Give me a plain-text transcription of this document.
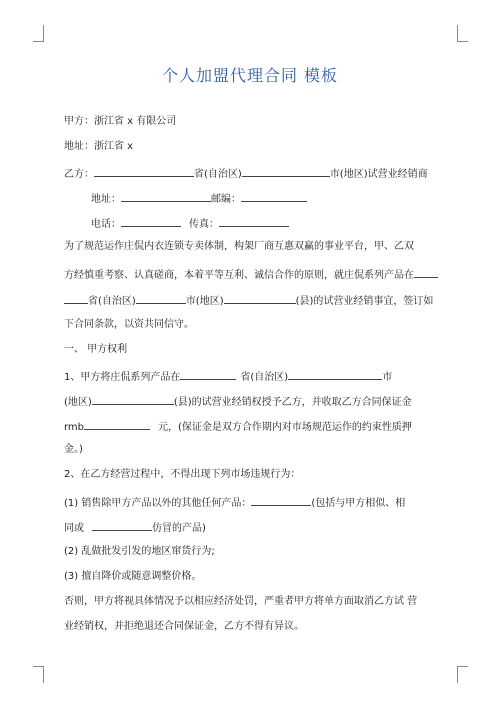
个人加盟代理合同 模板
甲方：浙江省 x 有限公司
地址：浙江省 x
乙方：	省(自治区)	市(地区)试营业经销商
地址：	邮编：
电话：	传真：
为了规范运作庄侃内衣连锁专卖体制，构架厂商互惠双赢的事业平台，甲、乙双
方经慎重考察、认真磋商，本着平等互利、诚信合作的原则，就庄侃系列产品在
省(自治区)	市(地区)	(县)的试营业经销事宜，签订如
下合同条款，以资共同信守。
一、 甲方权利
1、甲方将庄侃系列产品在	省(自治区)	市
(地区)	(县)的试营业经销权授予乙方，并收取乙方合同保证金
rmb	元，(保证金是双方合作期内对市场规范运作的约束性质押
金。)
2、在乙方经营过程中，不得出现下列市场违规行为：
(1) 销售除甲方产品以外的其他任何产品：	(包括与甲方相似、相
同或	仿冒的产品)
(2) 乱做批发引发的地区窜货行为;
(3) 擅自降价或随意调整价格。
否则，甲方将视具体情况予以相应经济处罚，严重者甲方将单方面取消乙方试 营
业经销权，并拒绝退还合同保证金，乙方不得有异议。
